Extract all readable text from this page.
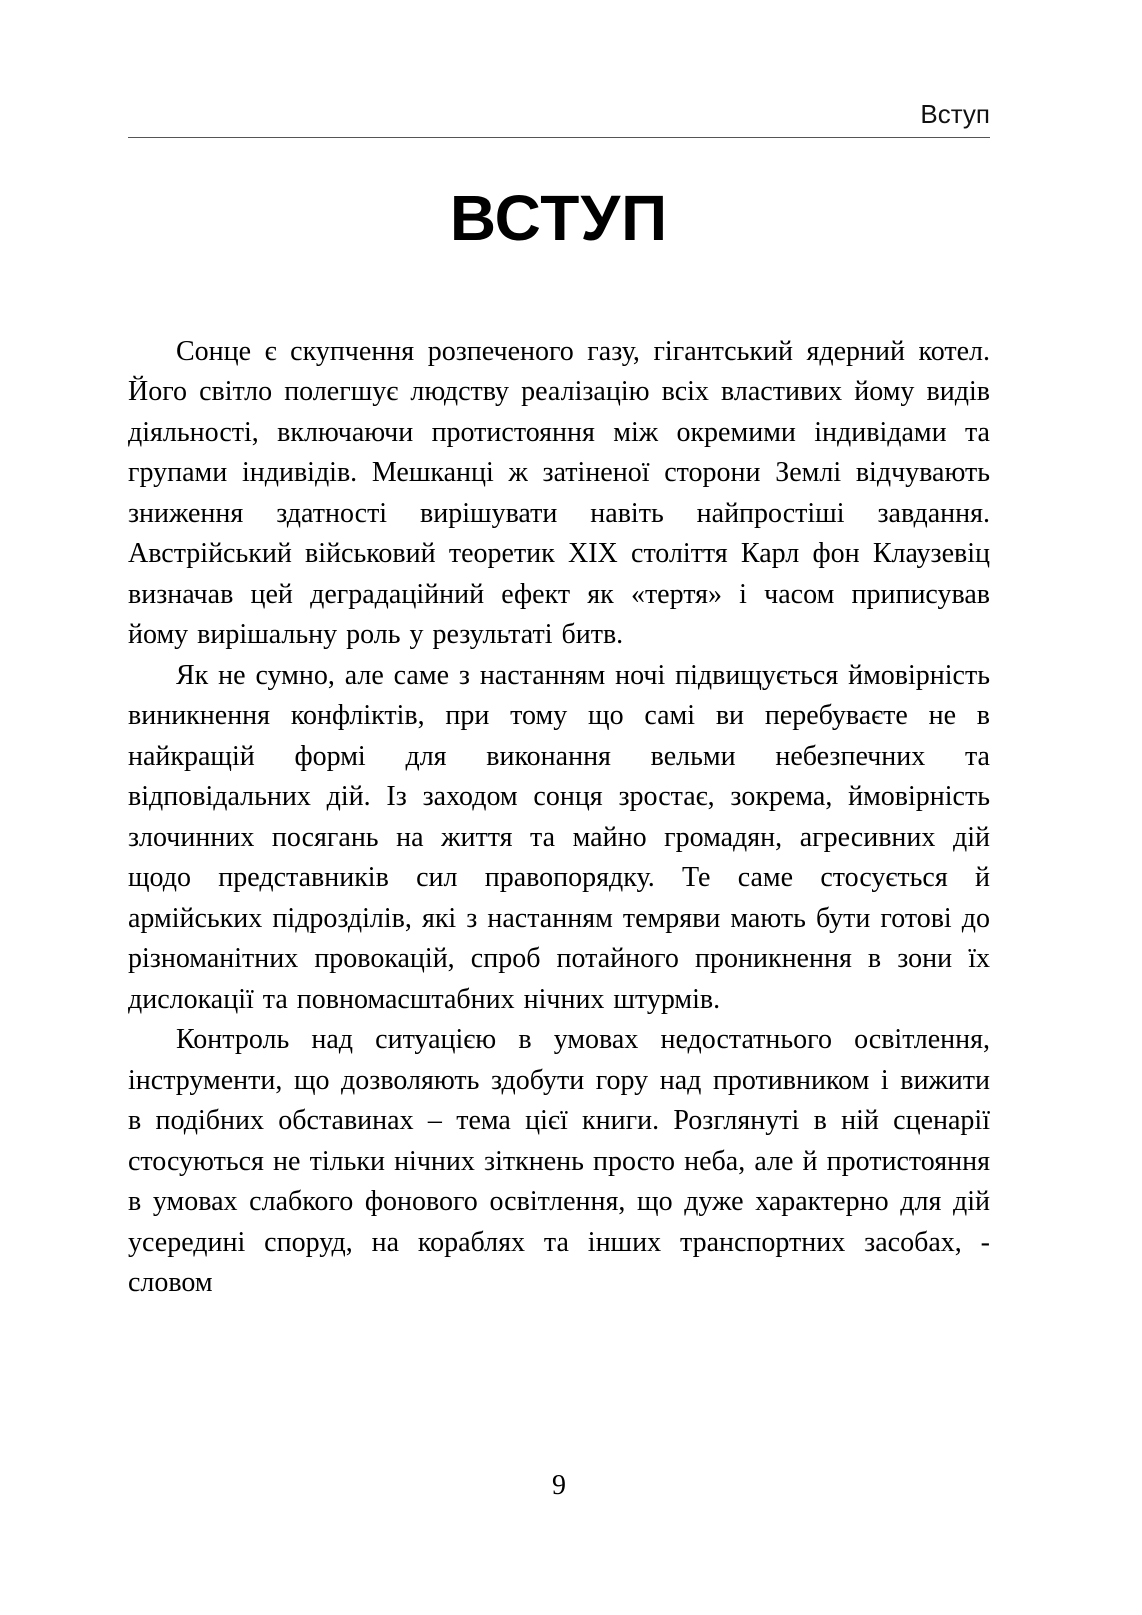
Вступ
ВСТУП

Сонце є скупчення розпеченого газу, гігантський ядерний котел. Його світло полегшує людству реалізацію всіх властивих йому видів діяльності, включаючи протистояння між окремими індивідами та групами індивідів. Мешканці ж затіненої сторони Землі відчувають зниження здатності вирішувати навіть найпростіші завдання. Австрійський військовий теоретик XIX століття Карл фон Клаузевіц визначав цей деградаційний ефект як «тертя» і часом приписував йому вирішальну роль у результаті битв.

Як не сумно, але саме з настанням ночі підвищується ймовірність виникнення конфліктів, при тому що самі ви перебуваєте не в найкращій формі для виконання вельми небезпечних та відповідальних дій. Із заходом сонця зростає, зокрема, ймовірність злочинних посягань на життя та майно громадян, агресивних дій щодо представників сил правопорядку. Те саме стосується й армійських підрозділів, які з настанням темряви мають бути готові до різноманітних провокацій, спроб потайного проникнення в зони їх дислокації та повномасштабних нічних штурмів.

Контроль над ситуацією в умовах недостатнього освітлення, інструменти, що дозволяють здобути гору над противником і вижити в подібних обставинах – тема цієї книги. Розглянуті в ній сценарії стосуються не тільки нічних зіткнень просто неба, але й протистояння в умовах слабкого фонового освітлення, що дуже характерно для дій усередині споруд, на кораблях та інших транспортних засобах, - словом

9
